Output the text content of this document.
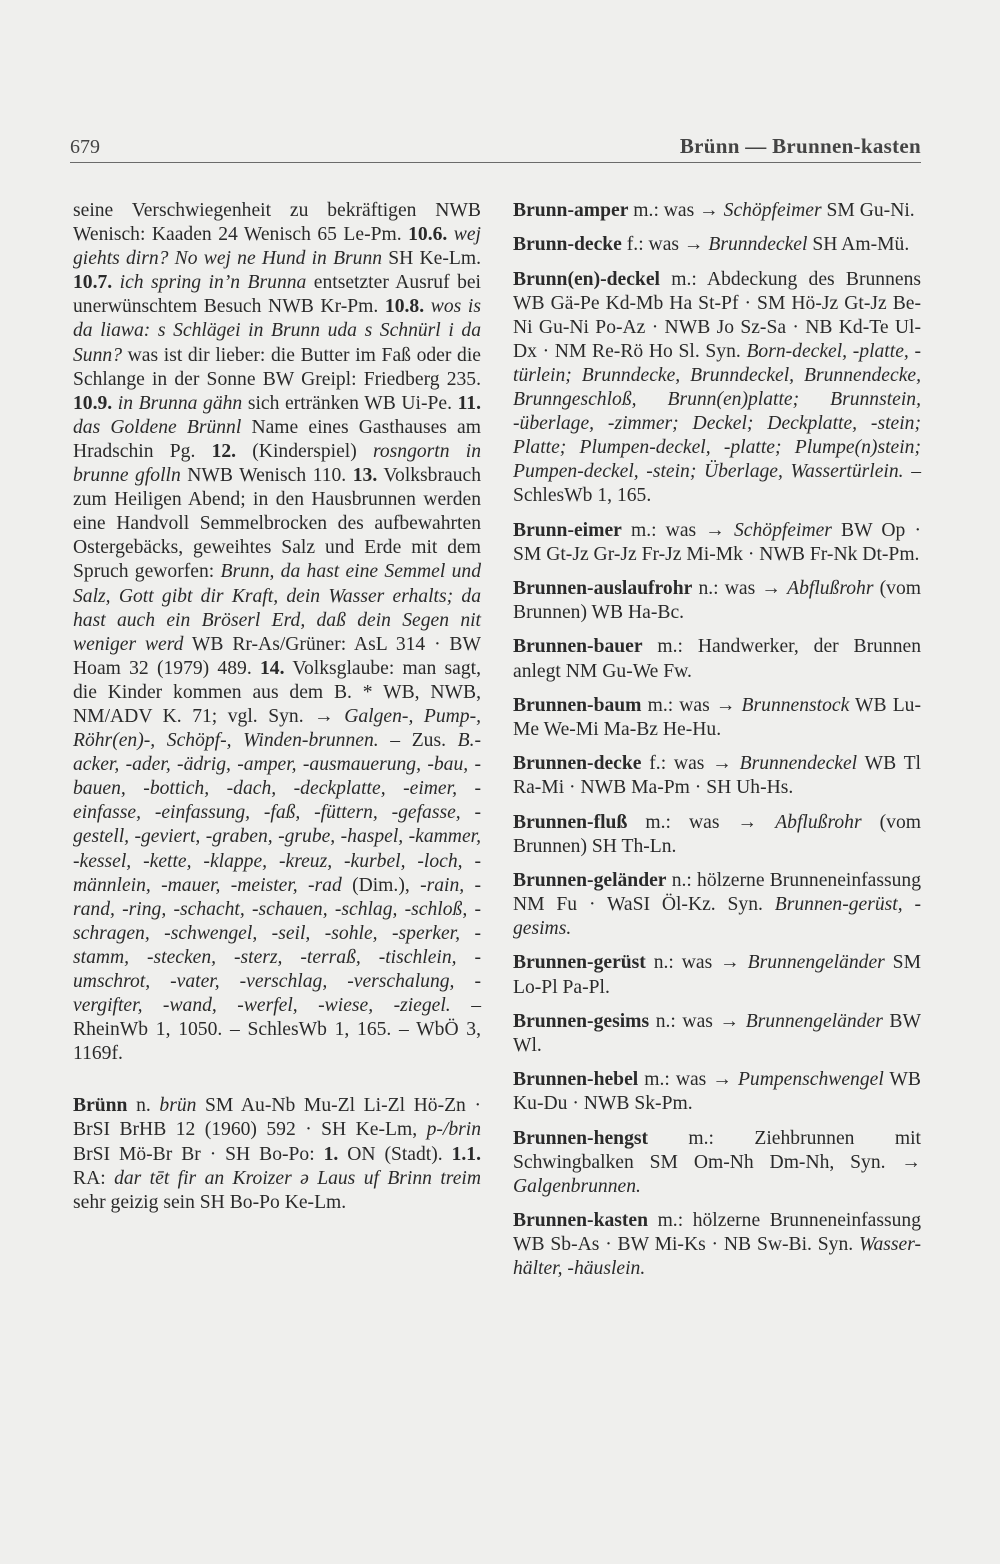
679	Brünn — Brunnen-kasten

seine Verschwiegenheit zu bekräftigen NWB Wenisch: Kaaden 24 Wenisch 65 Le-Pm. 10.6. wej giehts dirn? No wej ne Hund in Brunn SH Ke-Lm. 10.7. ich spring in’n Brunna entsetzter Ausruf bei unerwünschtem Besuch NWB Kr-Pm. 10.8. wos is da liawa: s Schlägei in Brunn uda s Schnürl i da Sunn? was ist dir lieber: die Butter im Faß oder die Schlange in der Sonne BW Greipl: Friedberg 235. 10.9. in Brunna gähn sich ertränken WB Ui-Pe. 11. das Goldene Brünnl Name eines Gasthauses am Hradschin Pg. 12. (Kinderspiel) rosngortn in brunne gfolln NWB Wenisch 110. 13. Volksbrauch zum Heiligen Abend; in den Hausbrunnen werden eine Handvoll Semmelbrocken des aufbewahrten Ostergebäcks, geweihtes Salz und Erde mit dem Spruch geworfen: Brunn, da hast eine Semmel und Salz, Gott gibt dir Kraft, dein Wasser erhalts; da hast auch ein Bröserl Erd, daß dein Segen nit weniger werd WB Rr-As/Grüner: AsL 314 · BW Hoam 32 (1979) 489. 14. Volksglaube: man sagt, die Kinder kommen aus dem B. * WB, NWB, NM/ADV K. 71; vgl. Syn. → Galgen-, Pump-, Röhr(en)-, Schöpf-, Winden-brunnen. – Zus. B.-acker, -ader, -ädrig, -amper, -ausmauerung, -bau, -bauen, -bottich, -dach, -deckplatte, -eimer, -einfasse, -einfassung, -faß, -füttern, -gefasse, -gestell, -geviert, -graben, -grube, -haspel, -kammer, -kessel, -kette, -klappe, -kreuz, -kurbel, -loch, -männlein, -mauer, -meister, -rad (Dim.), -rain, -rand, -ring, -schacht, -schauen, -schlag, -schloß, -schragen, -schwengel, -seil, -sohle, -sperker, -stamm, -stecken, -sterz, -terraß, -tischlein, -umschrot, -vater, -verschlag, -verschalung, -vergifter, -wand, -werfel, -wiese, -ziegel. – RheinWb 1, 1050. – SchlesWb 1, 165. – WbÖ 3, 1169f.

Brünn n. brün SM Au-Nb Mu-Zl Li-Zl Hö-Zn · BrSI BrHB 12 (1960) 592 · SH Ke-Lm, p-/brin BrSI Mö-Br Br · SH Bo-Po: 1. ON (Stadt). 1.1. RA: dar tēt fir an Kroizer ə Laus uf Brinn treim sehr geizig sein SH Bo-Po Ke-Lm.

Brunn-amper m.: was → Schöpfeimer SM Gu-Ni.

Brunn-decke f.: was → Brunndeckel SH Am-Mü.

Brunn(en)-deckel m.: Abdeckung des Brunnens WB Gä-Pe Kd-Mb Ha St-Pf · SM Hö-Jz Gt-Jz Be-Ni Gu-Ni Po-Az · NWB Jo Sz-Sa · NB Kd-Te Ul-Dx · NM Re-Rö Ho Sl. Syn. Born-deckel, -platte, -türlein; Brunndecke, Brunndeckel, Brunnendecke, Brunngeschloß, Brunn(en)platte; Brunnstein, -überlage, -zimmer; Deckel; Deckplatte, -stein; Platte; Plumpen-deckel, -platte; Plumpe(n)stein; Pumpen-deckel, -stein; Überlage, Wassertürlein. – SchlesWb 1, 165.

Brunn-eimer m.: was → Schöpfeimer BW Op · SM Gt-Jz Gr-Jz Fr-Jz Mi-Mk · NWB Fr-Nk Dt-Pm.

Brunnen-auslaufrohr n.: was → Abflußrohr (vom Brunnen) WB Ha-Bc.

Brunnen-bauer m.: Handwerker, der Brunnen anlegt NM Gu-We Fw.

Brunnen-baum m.: was → Brunnenstock WB Lu-Me We-Mi Ma-Bz He-Hu.

Brunnen-decke f.: was → Brunnendeckel WB Tl Ra-Mi · NWB Ma-Pm · SH Uh-Hs.

Brunnen-fluß m.: was → Abflußrohr (vom Brunnen) SH Th-Ln.

Brunnen-geländer n.: hölzerne Brunneneinfassung NM Fu · WaSI Öl-Kz. Syn. Brunnen-gerüst, -gesims.

Brunnen-gerüst n.: was → Brunnengeländer SM Lo-Pl Pa-Pl.

Brunnen-gesims n.: was → Brunnengeländer BW Wl.

Brunnen-hebel m.: was → Pumpenschwengel WB Ku-Du · NWB Sk-Pm.

Brunnen-hengst m.: Ziehbrunnen mit Schwingbalken SM Om-Nh Dm-Nh, Syn. → Galgenbrunnen.

Brunnen-kasten m.: hölzerne Brunneneinfassung WB Sb-As · BW Mi-Ks · NB Sw-Bi. Syn. Wasser-hälter, -häuslein.
